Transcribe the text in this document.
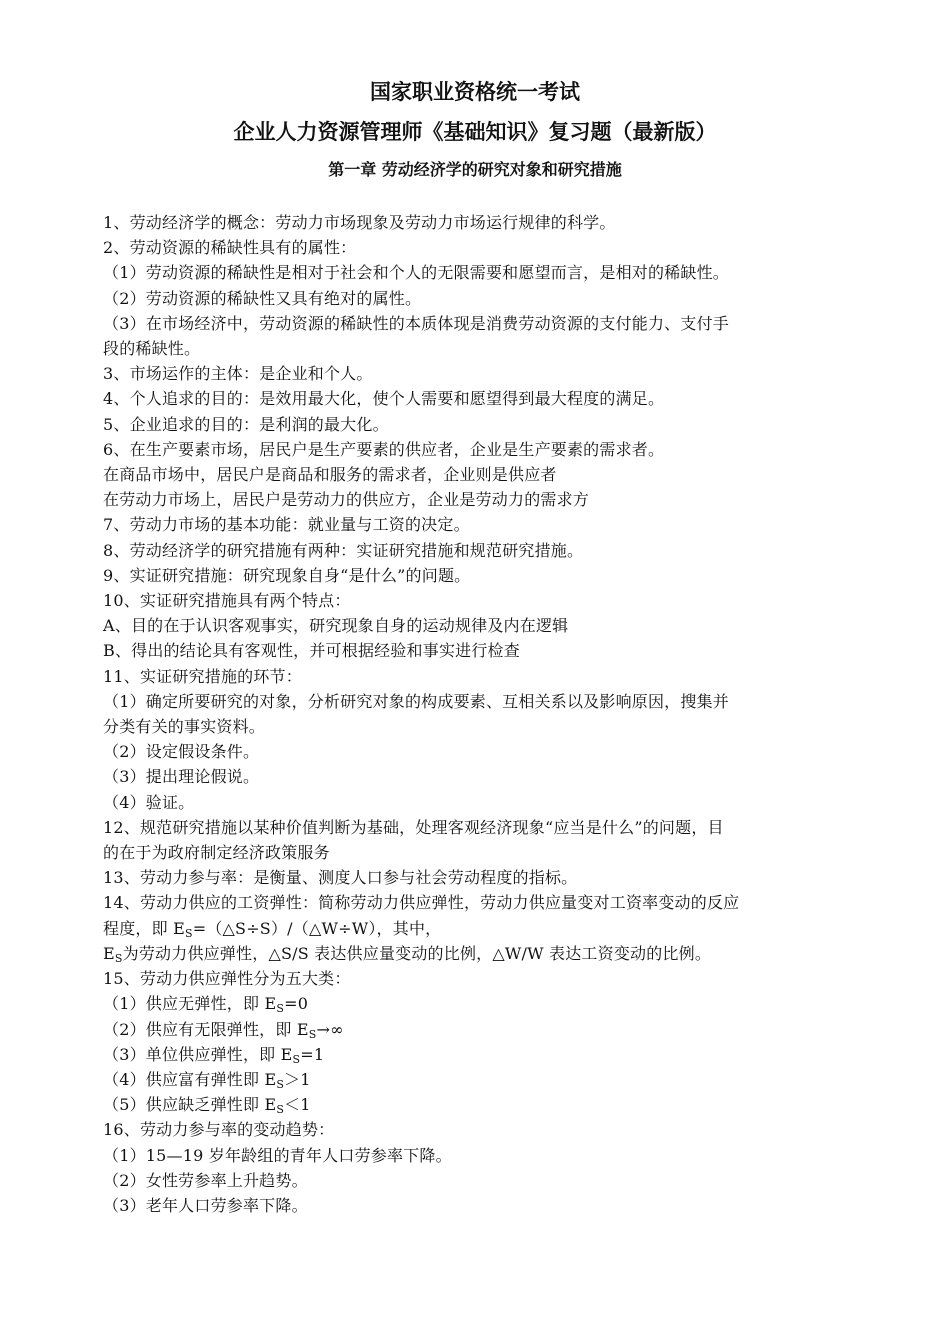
国家职业资格统一考试
企业人力资源管理师《基础知识》复习题（最新版）
第一章 劳动经济学的研究对象和研究措施
1、劳动经济学的概念：劳动力市场现象及劳动力市场运行规律的科学。
2、劳动资源的稀缺性具有的属性：
（1）劳动资源的稀缺性是相对于社会和个人的无限需要和愿望而言，是相对的稀缺性。
（2）劳动资源的稀缺性又具有绝对的属性。
（3）在市场经济中，劳动资源的稀缺性的本质体现是消费劳动资源的支付能力、支付手
段的稀缺性。
3、市场运作的主体：是企业和个人。
4、个人追求的目的：是效用最大化，使个人需要和愿望得到最大程度的满足。
5、企业追求的目的：是利润的最大化。
6、在生产要素市场，居民户是生产要素的供应者，企业是生产要素的需求者。
在商品市场中，居民户是商品和服务的需求者，企业则是供应者
在劳动力市场上，居民户是劳动力的供应方，企业是劳动力的需求方
7、劳动力市场的基本功能：就业量与工资的决定。
8、劳动经济学的研究措施有两种：实证研究措施和规范研究措施。
9、实证研究措施：研究现象自身“是什么”的问题。
10、实证研究措施具有两个特点：
A、目的在于认识客观事实，研究现象自身的运动规律及内在逻辑
B、得出的结论具有客观性，并可根据经验和事实进行检查
11、实证研究措施的环节：
（1）确定所要研究的对象，分析研究对象的构成要素、互相关系以及影响原因，搜集并
分类有关的事实资料。
（2）设定假设条件。
（3）提出理论假说。
（4）验证。
12、规范研究措施以某种价值判断为基础，处理客观经济现象“应当是什么”的问题，目
的在于为政府制定经济政策服务
13、劳动力参与率：是衡量、测度人口参与社会劳动程度的指标。
14、劳动力供应的工资弹性：简称劳动力供应弹性，劳动力供应量变对工资率变动的反应
程度，即 $E_S=(\triangle S\div S)/(\triangle W\div W)$，其中，
$E_S$为劳动力供应弹性，△S/S 表达供应量变动的比例，△W/W 表达工资变动的比例。
15、劳动力供应弹性分为五大类：
（1）供应无弹性，即 $E_S=0$
（2）供应有无限弹性，即 $E_S\to\infty$
（3）单位供应弹性，即 $E_S=1$
（4）供应富有弹性即 $E_S>1$
（5）供应缺乏弹性即 $E_S<1$
16、劳动力参与率的变动趋势：
（1）15—19 岁年龄组的青年人口劳参率下降。
（2）女性劳参率上升趋势。
（3）老年人口劳参率下降。
